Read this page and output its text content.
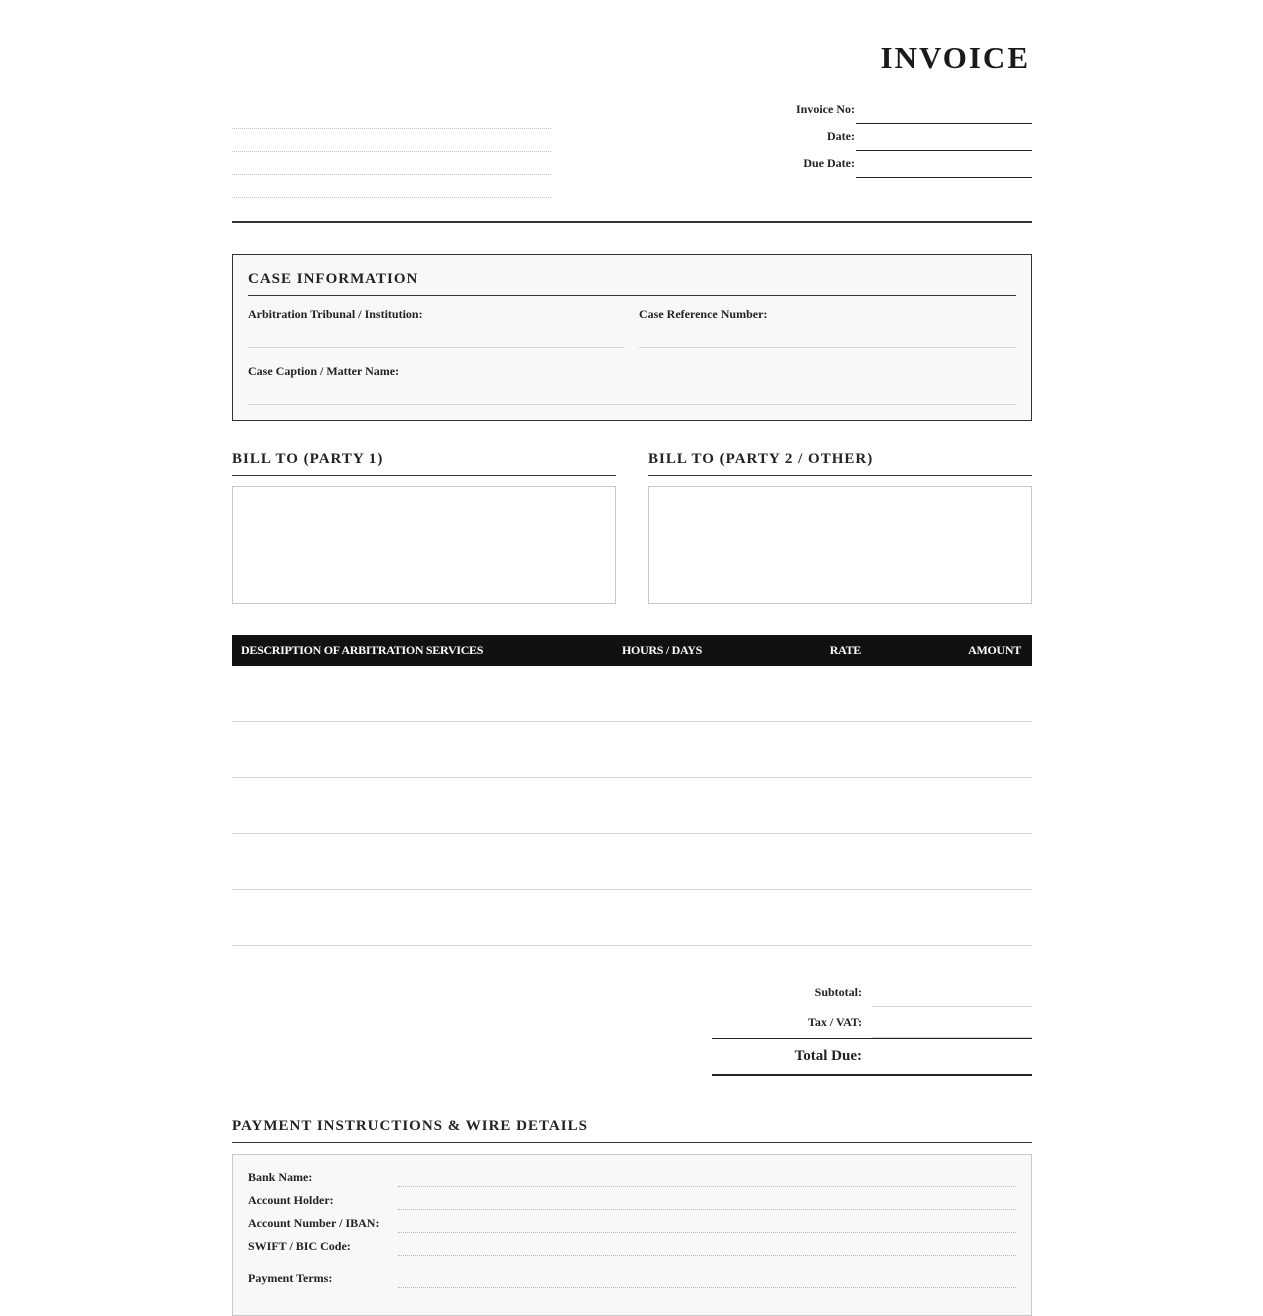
INVOICE
Invoice No:
Date:
Due Date:
CASE INFORMATION
Arbitration Tribunal / Institution:	Case Reference Number:
Case Caption / Matter Name:
BILL TO (PARTY 1)	BILL TO (PARTY 2 / OTHER)
DESCRIPTION OF ARBITRATION SERVICES	HOURS / DAYS	RATE	AMOUNT
Subtotal:
Tax / VAT:
Total Due:
PAYMENT INSTRUCTIONS & WIRE DETAILS
Bank Name:
Account Holder:
Account Number / IBAN:
SWIFT / BIC Code:
Payment Terms:
